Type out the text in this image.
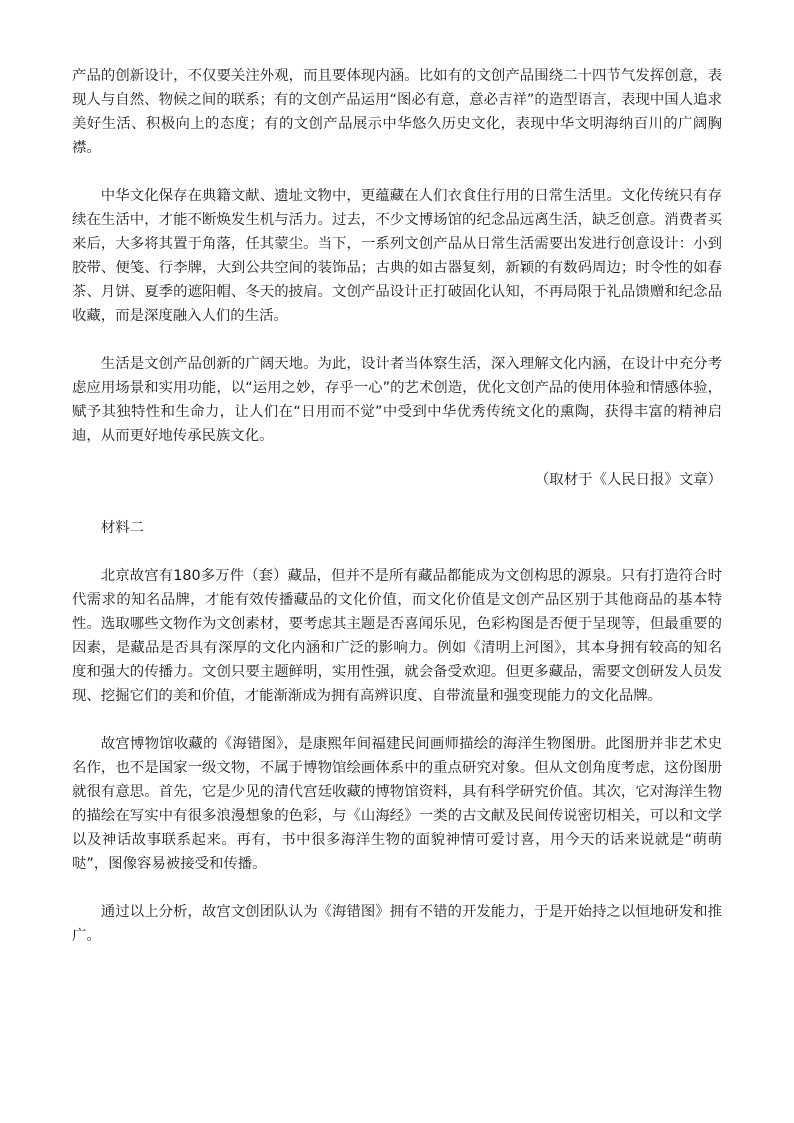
产品的创新设计，不仅要关注外观，而且要体现内涵。比如有的文创产品围绕二十四节气发挥创意，表现人与自然、物候之间的联系；有的文创产品运用“图必有意，意必吉祥”的造型语言，表现中国人追求美好生活、积极向上的态度；有的文创产品展示中华悠久历史文化，表现中华文明海纳百川的广阔胸襟。

中华文化保存在典籍文献、遗址文物中，更蕴藏在人们衣食住行用的日常生活里。文化传统只有存续在生活中，才能不断焕发生机与活力。过去，不少文博场馆的纪念品远离生活，缺乏创意。消费者买来后，大多将其置于角落，任其蒙尘。当下，一系列文创产品从日常生活需要出发进行创意设计：小到胶带、便笺、行李牌，大到公共空间的装饰品；古典的如古器复刻，新颖的有数码周边；时令性的如春茶、月饼、夏季的遮阳帽、冬天的披肩。文创产品设计正打破固化认知，不再局限于礼品馈赠和纪念品收藏，而是深度融入人们的生活。

生活是文创产品创新的广阔天地。为此，设计者当体察生活，深入理解文化内涵，在设计中充分考虑应用场景和实用功能，以“运用之妙，存乎一心”的艺术创造，优化文创产品的使用体验和情感体验，赋予其独特性和生命力，让人们在“日用而不觉”中受到中华优秀传统文化的熏陶，获得丰富的精神启迪，从而更好地传承民族文化。

（取材于《人民日报》文章）
材料二

北京故宫有180多万件（套）藏品，但并不是所有藏品都能成为文创构思的源泉。只有打造符合时代需求的知名品牌，才能有效传播藏品的文化价值，而文化价值是文创产品区别于其他商品的基本特性。选取哪些文物作为文创素材，要考虑其主题是否喜闻乐见，色彩构图是否便于呈现等，但最重要的因素，是藏品是否具有深厚的文化内涵和广泛的影响力。例如《清明上河图》，其本身拥有较高的知名度和强大的传播力。文创只要主题鲜明，实用性强，就会备受欢迎。但更多藏品，需要文创研发人员发现、挖掘它们的美和价值，才能渐渐成为拥有高辨识度、自带流量和强变现能力的文化品牌。

故宫博物馆收藏的《海错图》，是康熙年间福建民间画师描绘的海洋生物图册。此图册并非艺术史名作，也不是国家一级文物，不属于博物馆绘画体系中的重点研究对象。但从文创角度考虑，这份图册就很有意思。首先，它是少见的清代宫廷收藏的博物馆资料，具有科学研究价值。其次，它对海洋生物的描绘在写实中有很多浪漫想象的色彩，与《山海经》一类的古文献及民间传说密切相关，可以和文学以及神话故事联系起来。再有，书中很多海洋生物的面貌神情可爱讨喜，用今天的话来说就是“萌萌哒”，图像容易被接受和传播。

通过以上分析，故宫文创团队认为《海错图》拥有不错的开发能力，于是开始持之以恒地研发和推广。
